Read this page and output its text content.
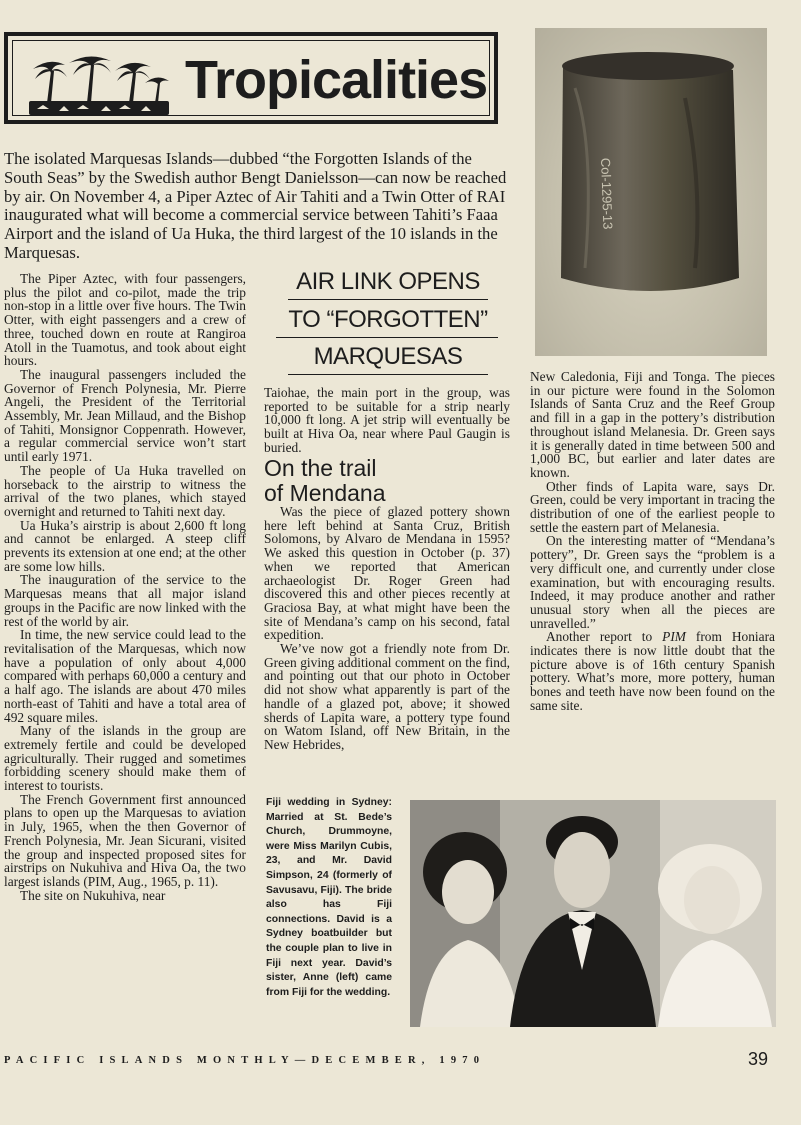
Tropicalities

The isolated Marquesas Islands—dubbed “the Forgotten Islands of the South Seas” by the Swedish author Bengt Danielsson—can now be reached by air. On November 4, a Piper Aztec of Air Tahiti and a Twin Otter of RAI inaugurated what will become a commercial service between Tahiti’s Faaa Airport and the island of Ua Huka, the third largest of the 10 islands in the Marquesas.

Col-1295-13

The Piper Aztec, with four passengers, plus the pilot and co-pilot, made the trip non-stop in a little over five hours. The Twin Otter, with eight passengers and a crew of three, touched down en route at Rangiroa Atoll in the Tuamotus, and took about eight hours.

The inaugural passengers included the Governor of French Polynesia, Mr. Pierre Angeli, the President of the Territorial Assembly, Mr. Jean Millaud, and the Bishop of Tahiti, Monsignor Coppenrath. However, a regular commercial service won’t start until early 1971.

The people of Ua Huka travelled on horseback to the airstrip to witness the arrival of the two planes, which stayed overnight and returned to Tahiti next day.

Ua Huka’s airstrip is about 2,600 ft long and cannot be enlarged. A steep cliff prevents its extension at one end; at the other are some low hills.

The inauguration of the service to the Marquesas means that all major island groups in the Pacific are now linked with the rest of the world by air.

In time, the new service could lead to the revitalisation of the Marquesas, which now have a population of only about 4,000 compared with perhaps 60,000 a century and a half ago. The islands are about 470 miles north-east of Tahiti and have a total area of 492 square miles.

Many of the islands in the group are extremely fertile and could be developed agriculturally. Their rugged and sometimes forbidding scenery should make them of interest to tourists.

The French Government first announced plans to open up the Marquesas to aviation in July, 1965, when the then Governor of French Polynesia, Mr. Jean Sicurani, visited the group and inspected proposed sites for airstrips on Nukuhiva and Hiva Oa, the two largest islands (PIM, Aug., 1965, p. 11).

The site on Nukuhiva, near

AIR LINK OPENS
TO “FORGOTTEN”
MARQUESAS

Taiohae, the main port in the group, was reported to be suitable for a strip nearly 10,000 ft long. A jet strip will eventually be built at Hiva Oa, near where Paul Gaugin is buried.

On the trail
of Mendana

Was the piece of glazed pottery shown here left behind at Santa Cruz, British Solomons, by Alvaro de Mendana in 1595? We asked this question in October (p. 37) when we reported that American archaeologist Dr. Roger Green had discovered this and other pieces recently at Graciosa Bay, at what might have been the site of Mendana’s camp on his second, fatal expedition.

We’ve now got a friendly note from Dr. Green giving additional comment on the find, and pointing out that our photo in October did not show what apparently is part of the handle of a glazed pot, above; it showed sherds of Lapita ware, a pottery type found on Watom Island, off New Britain, in the New Hebrides,

New Caledonia, Fiji and Tonga. The pieces in our picture were found in the Solomon Islands of Santa Cruz and the Reef Group and fill in a gap in the pottery’s distribution throughout island Melanesia. Dr. Green says it is generally dated in time between 500 and 1,000 BC, but earlier and later dates are known.

Other finds of Lapita ware, says Dr. Green, could be very important in tracing the distribution of one of the earliest people to settle the eastern part of Melanesia.

On the interesting matter of “Mendana’s pottery”, Dr. Green says the “problem is a very difficult one, and currently under close examination, but with encouraging results. Indeed, it may produce another and rather unusual story when all the pieces are unravelled.”

Another report to PIM from Honiara indicates there is now little doubt that the picture above is of 16th century Spanish pottery. What’s more, more pottery, human bones and teeth have now been found on the same site.

Fiji wedding in Sydney: Married at St. Bede’s Church, Drummoyne, were Miss Marilyn Cubis, 23, and Mr. David Simpson, 24 (formerly of Savusavu, Fiji). The bride also has Fiji connections. David is a Sydney boatbuilder but the couple plan to live in Fiji next year. David’s sister, Anne (left) came from Fiji for the wedding.
PACIFIC ISLANDS MONTHLY—DECEMBER, 1970	39
